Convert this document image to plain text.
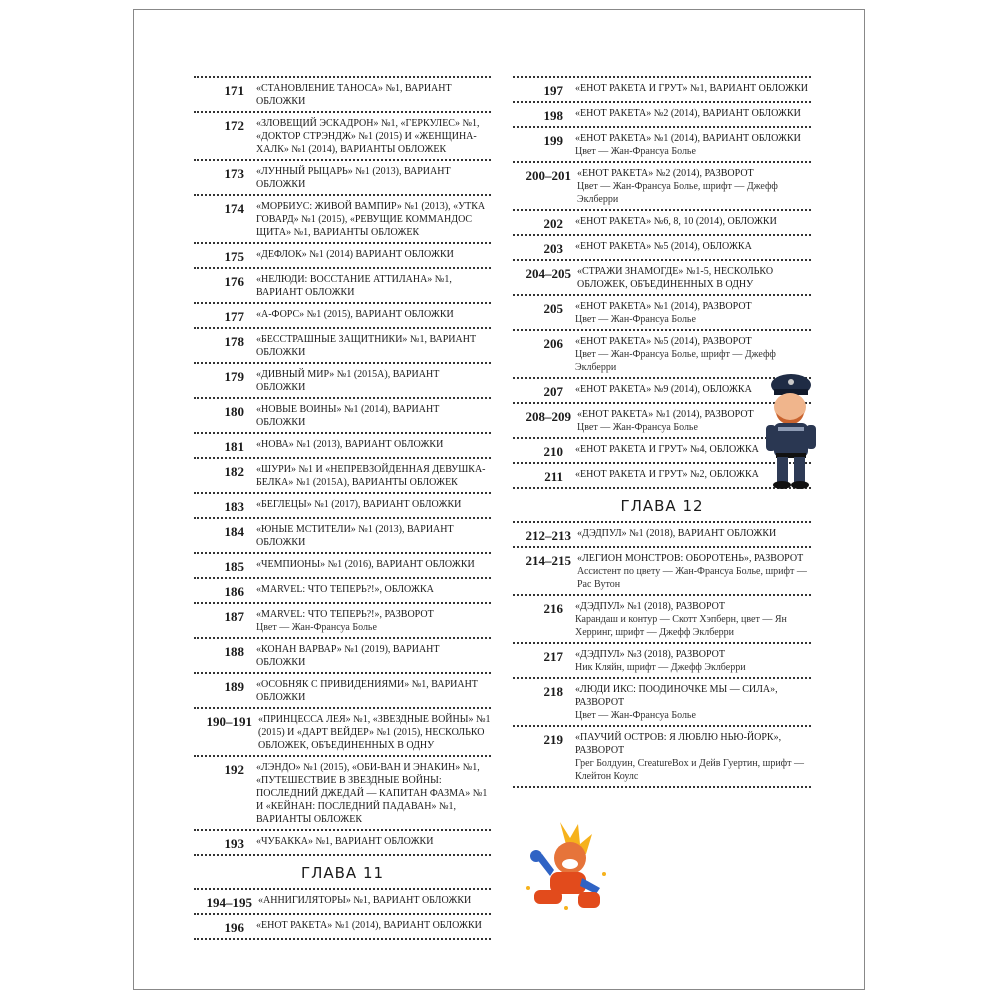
171	«СТАНОВЛЕНИЕ ТАНОСА» №1, ВАРИАНТ ОБЛОЖКИ
172	«ЗЛОВЕЩИЙ ЭСКАДРОН» №1, «ГЕРКУЛЕС» №1, «ДОКТОР СТРЭНДЖ» №1 (2015) И «ЖЕНЩИНА-ХАЛК» №1 (2014), ВАРИАНТЫ ОБЛОЖЕК
173	«ЛУННЫЙ РЫЦАРЬ» №1 (2013), ВАРИАНТ ОБЛОЖКИ
174	«МОРБИУС: ЖИВОЙ ВАМПИР» №1 (2013), «УТКА ГОВАРД» №1 (2015), «РЕВУЩИЕ КОММАНДОС ЩИТА» №1, ВАРИАНТЫ ОБЛОЖЕК
175	«ДЕФЛОК» №1 (2014) ВАРИАНТ ОБЛОЖКИ
176	«НЕЛЮДИ: ВОССТАНИЕ АТТИЛАНА» №1, ВАРИАНТ ОБЛОЖКИ
177	«А-ФОРС» №1 (2015), ВАРИАНТ ОБЛОЖКИ
178	«БЕССТРАШНЫЕ ЗАЩИТНИКИ» №1, ВАРИАНТ ОБЛОЖКИ
179	«ДИВНЫЙ МИР» №1 (2015А), ВАРИАНТ ОБЛОЖКИ
180	«НОВЫЕ ВОИНЫ» №1 (2014), ВАРИАНТ ОБЛОЖКИ
181	«НОВА» №1 (2013), ВАРИАНТ ОБЛОЖКИ
182	«ШУРИ» №1 И «НЕПРЕВЗОЙДЕННАЯ ДЕВУШКА-БЕЛКА» №1 (2015А), ВАРИАНТЫ ОБЛОЖЕК
183	«БЕГЛЕЦЫ» №1 (2017), ВАРИАНТ ОБЛОЖКИ
184	«ЮНЫЕ МСТИТЕЛИ» №1 (2013), ВАРИАНТ ОБЛОЖКИ
185	«ЧЕМПИОНЫ» №1 (2016), ВАРИАНТ ОБЛОЖКИ
186	«MARVEL: ЧТО ТЕПЕРЬ?!», ОБЛОЖКА
187	«MARVEL: ЧТО ТЕПЕРЬ?!», РАЗВОРОТ
Цвет — Жан-Франсуа Болье
188	«КОНАН ВАРВАР» №1 (2019), ВАРИАНТ ОБЛОЖКИ
189	«ОСОБНЯК С ПРИВИДЕНИЯМИ» №1, ВАРИАНТ ОБЛОЖКИ
190–191 «ПРИНЦЕССА ЛЕЯ» №1, «ЗВЕЗДНЫЕ ВОЙНЫ» №1 (2015) И «ДАРТ ВЕЙДЕР» №1 (2015), НЕСКОЛЬКО ОБЛОЖЕК, ОБЪЕДИНЕННЫХ В ОДНУ
192	«ЛЭНДО» №1 (2015), «ОБИ-ВАН И ЭНАКИН» №1, «ПУТЕШЕСТВИЕ В ЗВЕЗДНЫЕ ВОЙНЫ: ПОСЛЕДНИЙ ДЖЕДАЙ — КАПИТАН ФАЗМА» №1 И «КЕЙНАН: ПОСЛЕДНИЙ ПАДАВАН» №1, ВАРИАНТЫ ОБЛОЖЕК
193	«ЧУБАККА» №1, ВАРИАНТ ОБЛОЖКИ
ГЛАВА 11
194–195 «АННИГИЛЯТОРЫ» №1, ВАРИАНТ ОБЛОЖКИ
196	«ЕНОТ РАКЕТА» №1 (2014), ВАРИАНТ ОБЛОЖКИ
197	«ЕНОТ РАКЕТА И ГРУТ» №1, ВАРИАНТ ОБЛОЖКИ
198	«ЕНОТ РАКЕТА» №2 (2014), ВАРИАНТ ОБЛОЖКИ
199	«ЕНОТ РАКЕТА» №1 (2014), ВАРИАНТ ОБЛОЖКИ
Цвет — Жан-Франсуа Болье
200–201 «ЕНОТ РАКЕТА» №2 (2014), РАЗВОРОТ
Цвет — Жан-Франсуа Болье, шрифт — Джефф Эклберри
202	«ЕНОТ РАКЕТА» №6, 8, 10 (2014), ОБЛОЖКИ
203	«ЕНОТ РАКЕТА» №5 (2014), ОБЛОЖКА
204–205 «СТРАЖИ ЗНАМОГДЕ» №1-5, НЕСКОЛЬКО ОБЛОЖЕК, ОБЪЕДИНЕННЫХ В ОДНУ
205	«ЕНОТ РАКЕТА» №1 (2014), РАЗВОРОТ
Цвет — Жан-Франсуа Болье
206	«ЕНОТ РАКЕТА» №5 (2014), РАЗВОРОТ
Цвет — Жан-Франсуа Болье, шрифт — Джефф Эклберри
207	«ЕНОТ РАКЕТА» №9 (2014), ОБЛОЖКА
208–209 «ЕНОТ РАКЕТА» №1 (2014), РАЗВОРОТ
Цвет — Жан-Франсуа Болье
210	«ЕНОТ РАКЕТА И ГРУТ» №4, ОБЛОЖКА
211	«ЕНОТ РАКЕТА И ГРУТ» №2, ОБЛОЖКА
ГЛАВА 12
212–213 «ДЭДПУЛ» №1 (2018), ВАРИАНТ ОБЛОЖКИ
214–215 «ЛЕГИОН МОНСТРОВ: ОБОРОТЕНЬ», РАЗВОРОТ
Ассистент по цвету — Жан-Франсуа Болье, шрифт — Рас Вутон
216	«ДЭДПУЛ» №1 (2018), РАЗВОРОТ
Карандаш и контур — Скотт Хэпберн, цвет — Ян Херринг, шрифт — Джефф Эклберри
217	«ДЭДПУЛ» №3 (2018), РАЗВОРОТ
Ник Кляйн, шрифт — Джефф Эклберри
218	«ЛЮДИ ИКС: ПООДИНОЧКЕ МЫ — СИЛА», РАЗВОРОТ
Цвет — Жан-Франсуа Болье
219	«ПАУЧИЙ ОСТРОВ: Я ЛЮБЛЮ НЬЮ-ЙОРК», РАЗВОРОТ
Грег Болдуин, CreatureBox и Дейв Гуертин, шрифт — Клейтон Коулс
